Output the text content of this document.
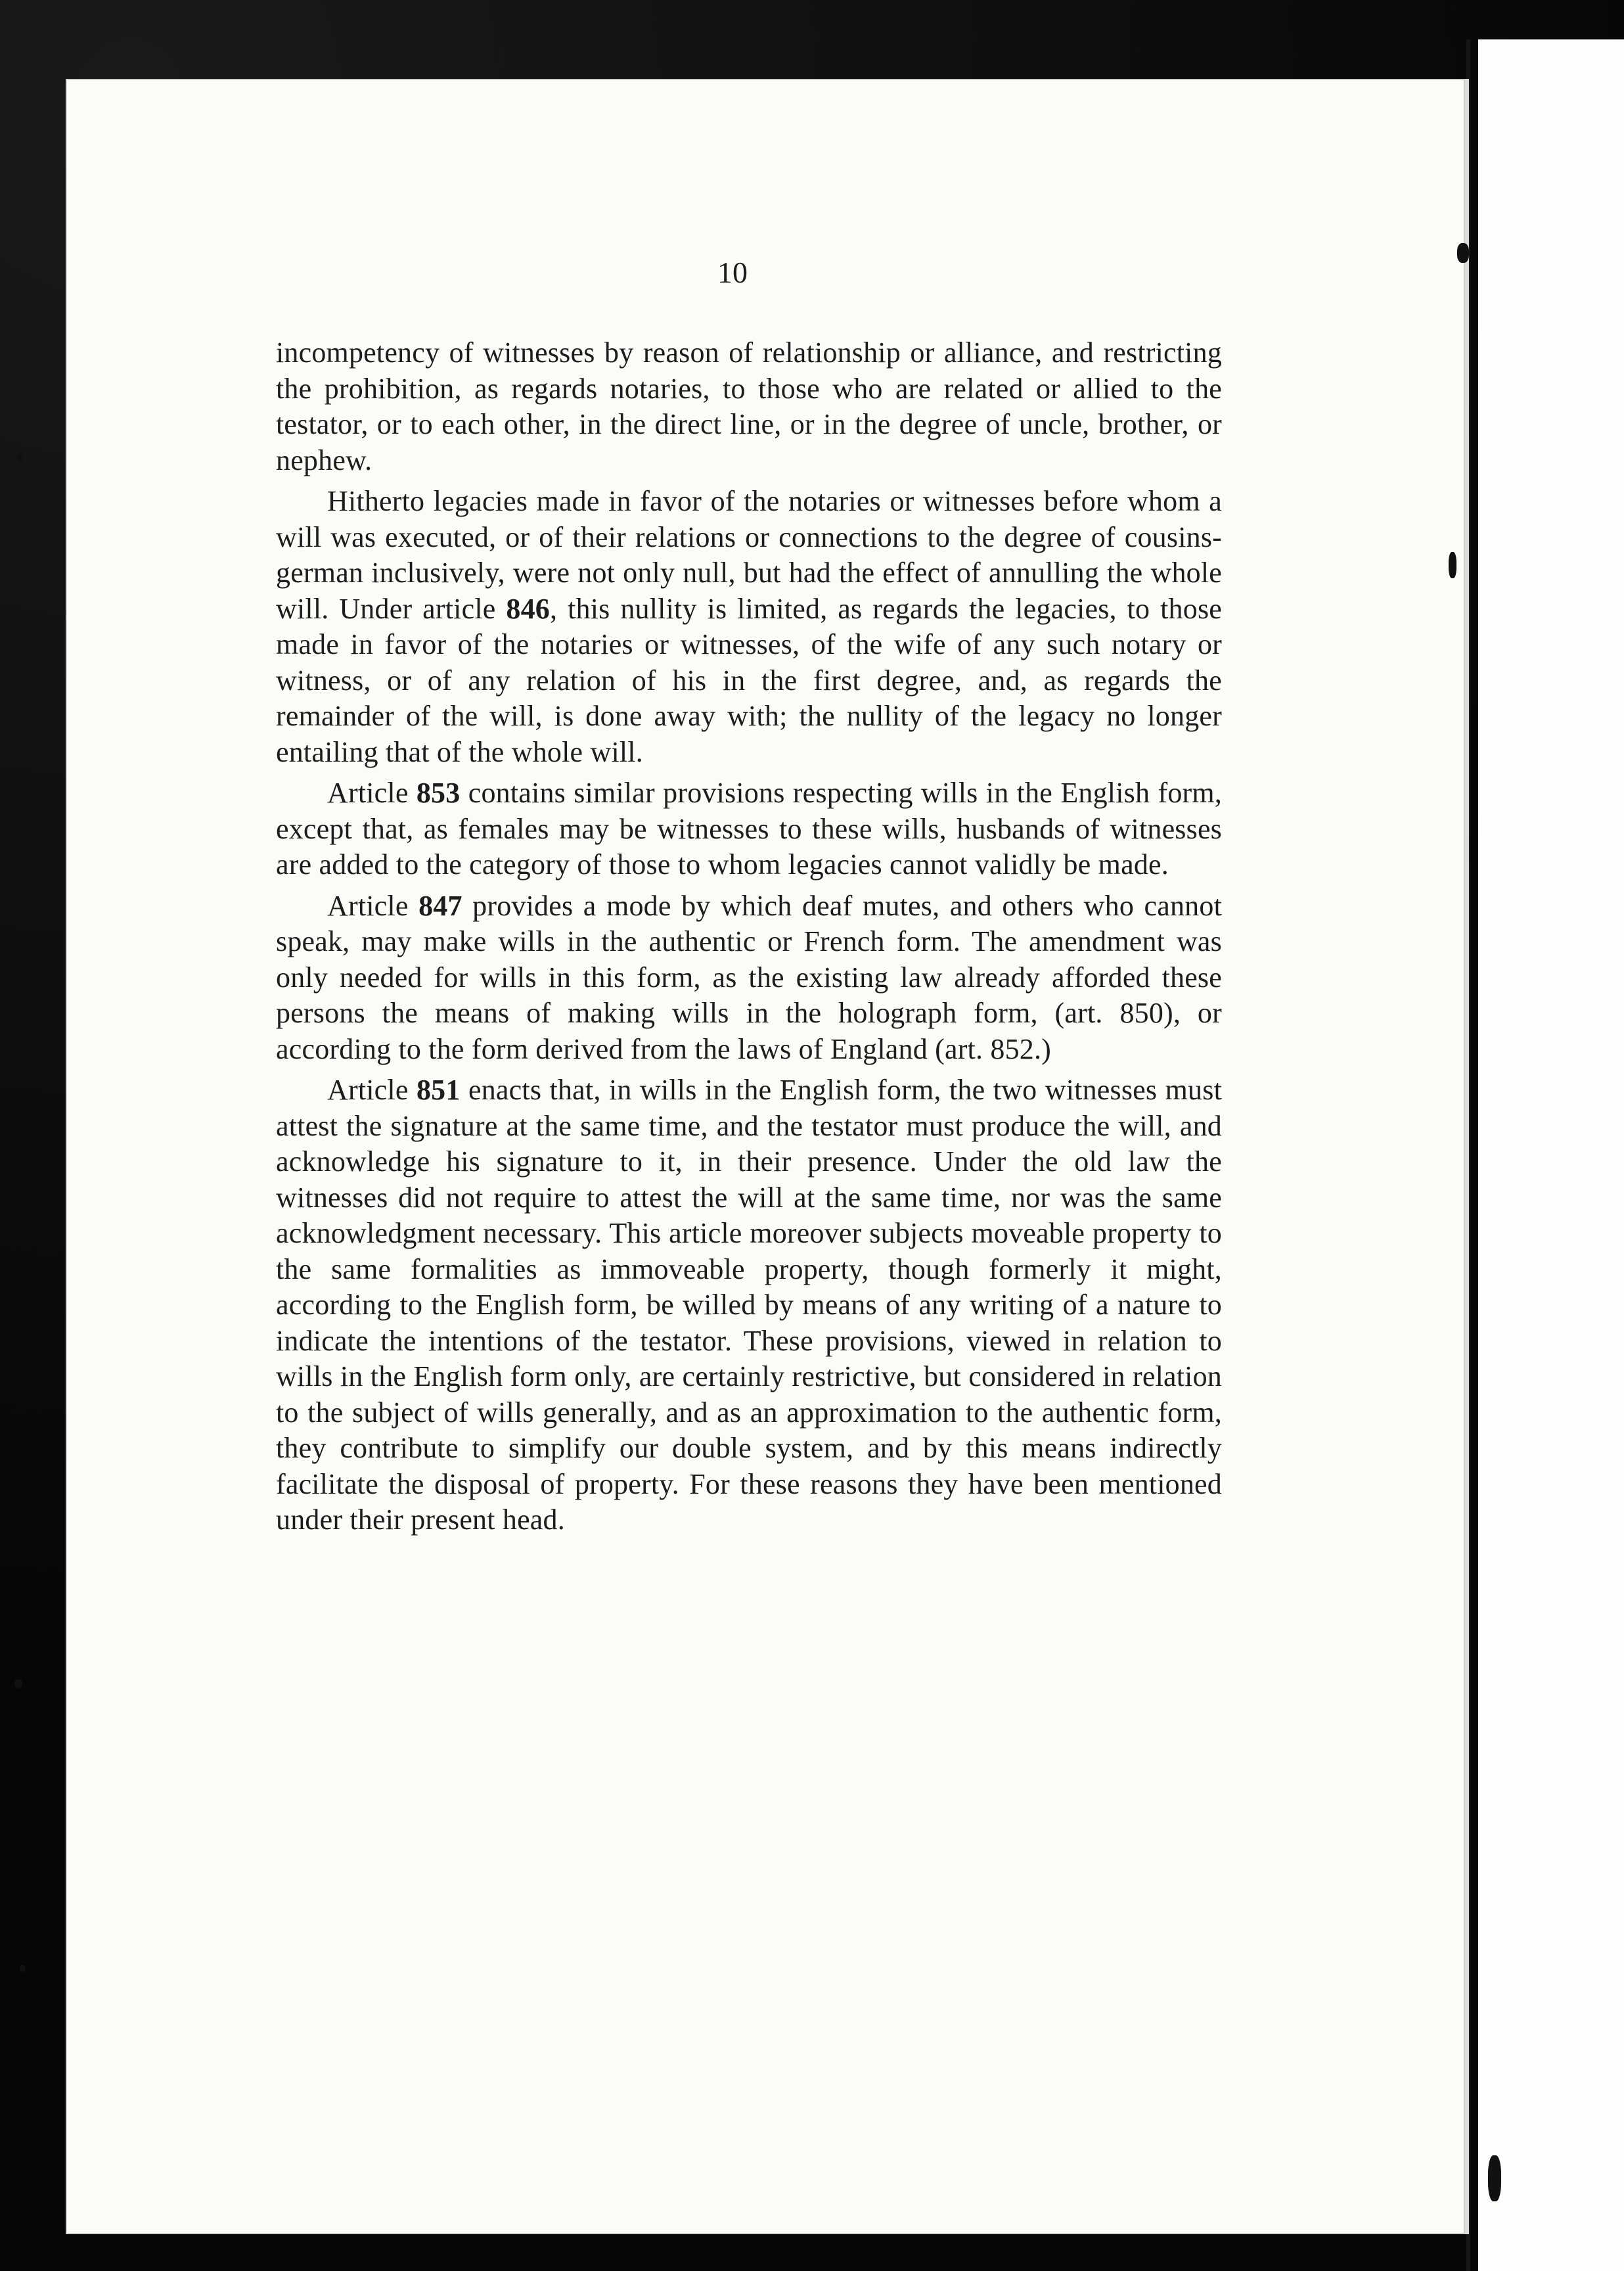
10

incompetency of witnesses by reason of relationship or alliance, and restricting the prohibition, as regards notaries, to those who are related or allied to the testator, or to each other, in the direct line, or in the degree of uncle, brother, or nephew.

Hitherto legacies made in favor of the notaries or witnesses before whom a will was executed, or of their relations or connections to the degree of cousins-german inclusively, were not only null, but had the effect of annulling the whole will. Under article 846, this nullity is limited, as regards the legacies, to those made in favor of the notaries or witnesses, of the wife of any such notary or witness, or of any relation of his in the first degree, and, as regards the remainder of the will, is done away with; the nullity of the legacy no longer entailing that of the whole will.

Article 853 contains similar provisions respecting wills in the English form, except that, as females may be witnesses to these wills, husbands of witnesses are added to the category of those to whom legacies cannot validly be made.

Article 847 provides a mode by which deaf mutes, and others who cannot speak, may make wills in the authentic or French form. The amendment was only needed for wills in this form, as the existing law already afforded these persons the means of making wills in the holograph form, (art. 850), or according to the form derived from the laws of England (art. 852.)

Article 851 enacts that, in wills in the English form, the two witnesses must attest the signature at the same time, and the testator must produce the will, and acknowledge his signature to it, in their presence. Under the old law the witnesses did not require to attest the will at the same time, nor was the same acknowledgment necessary. This article moreover subjects moveable property to the same formalities as immoveable property, though formerly it might, according to the English form, be willed by means of any writing of a nature to indicate the intentions of the testator. These provisions, viewed in relation to wills in the English form only, are certainly restrictive, but considered in relation to the subject of wills generally, and as an approximation to the authentic form, they contribute to simplify our double system, and by this means indirectly facilitate the disposal of property. For these reasons they have been mentioned under their present head.
